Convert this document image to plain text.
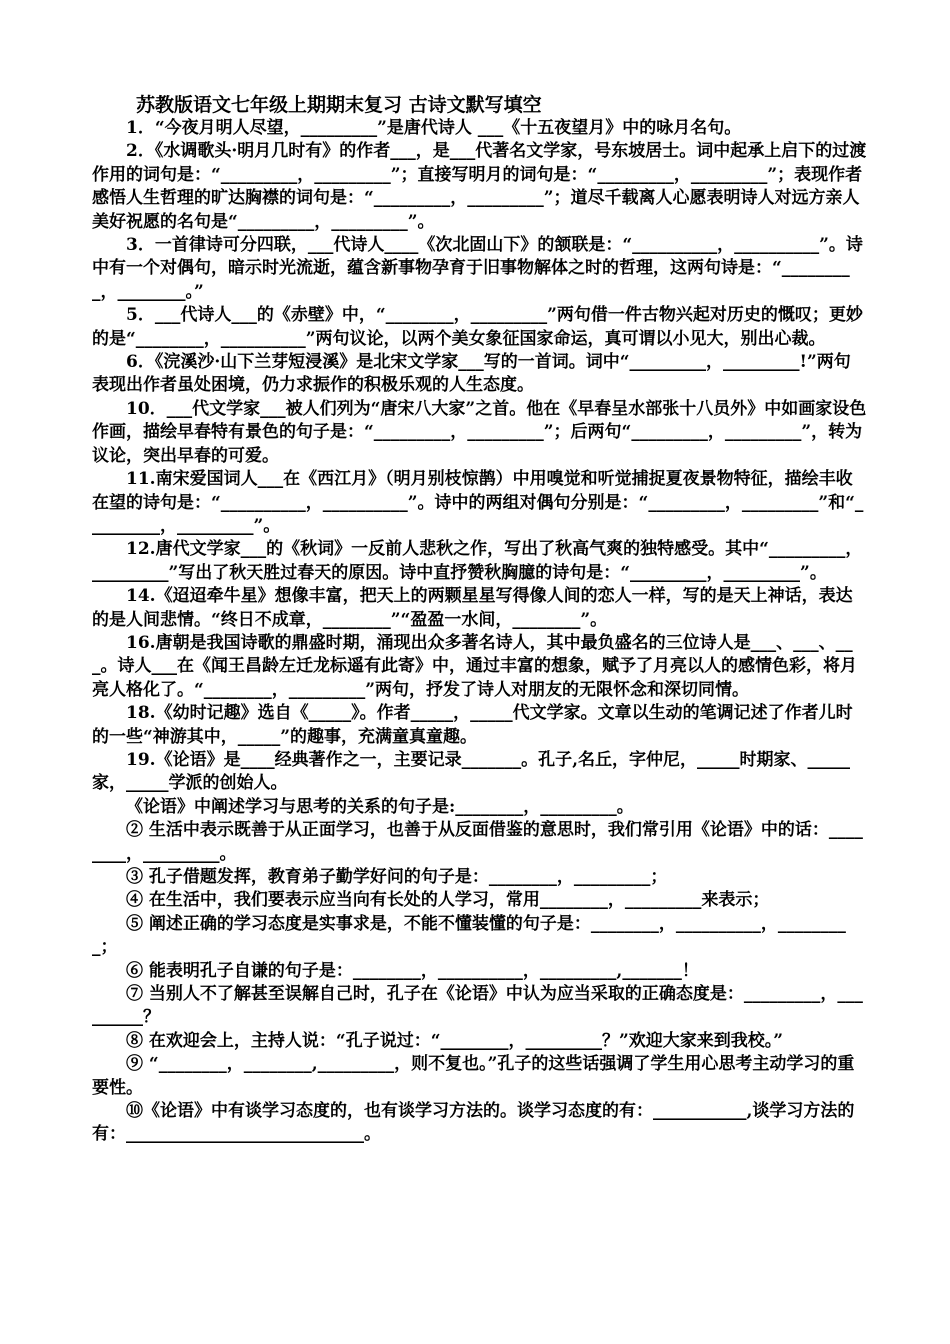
苏教版语文七年级上期期末复习 古诗文默写填空

1．“今夜月明人尽望，_________”是唐代诗人 ___《十五夜望月》中的咏月名句。

2．《水调歌头·明月几时有》的作者___，是___代著名文学家，号东坡居士。词中起承上启下的过渡作用的词句是：“_________，_________”；直接写明月的词句是：“_________，_________”；表现作者感悟人生哲理的旷达胸襟的词句是：“_________，_________”；道尽千载离人心愿表明诗人对远方亲人美好祝愿的名句是“_________，_________”。

3．一首律诗可分四联，___代诗人____《次北固山下》的颔联是：“__________，__________”。诗中有一个对偶句，暗示时光流逝，蕴含新事物孕育于旧事物解体之时的哲理，这两句诗是：“_________，________。”

5．___代诗人___的《赤壁》中，“________，_________”两句借一件古物兴起对历史的慨叹；更妙的是“________，__________”两句议论，以两个美女象征国家命运，真可谓以小见大，别出心裁。

6．《浣溪沙·山下兰芽短浸溪》是北宋文学家___写的一首词。词中“_________，_________!”两句表现出作者虽处困境，仍力求振作的积极乐观的人生态度。

10．___代文学家___被人们列为“唐宋八大家”之首。他在《早春呈水部张十八员外》中如画家设色作画，描绘早春特有景色的句子是：“_________，_________”；后两句“_________，_________”，转为议论，突出早春的可爱。

11.南宋爱国词人___在《西江月》（明月别枝惊鹊）中用嗅觉和听觉捕捉夏夜景物特征，描绘丰收在望的诗句是：“__________，__________”。诗中的两组对偶句分别是：“_________，_________”和“_________，_________”。

12.唐代文学家___的《秋词》一反前人悲秋之作，写出了秋高气爽的独特感受。其中“_________，_________”写出了秋天胜过春天的原因。诗中直抒赞秋胸臆的诗句是：“_________，_________”。

14.《迢迢牵牛星》想像丰富，把天上的两颗星星写得像人间的恋人一样，写的是天上神话，表达的是人间悲情。“终日不成章，________”“盈盈一水间，________”。

16.唐朝是我国诗歌的鼎盛时期，涌现出众多著名诗人，其中最负盛名的三位诗人是___、___、___。诗人___在《闻王昌龄左迁龙标遥有此寄》中，通过丰富的想象，赋予了月亮以人的感情色彩，将月亮人格化了。“________，_________”两句，抒发了诗人对朋友的无限怀念和深切同情。

18.《幼时记趣》选自《_____》。作者_____，_____代文学家。文章以生动的笔调记述了作者儿时的一些“神游其中，_____”的趣事，充满童真童趣。

19.《论语》是____经典著作之一，主要记录_______。孔子,名丘，字仲尼，_____时期家、_____家，_____学派的创始人。

《论语》中阐述学习与思考的关系的句子是:________，_________。

② 生活中表示既善于从正面学习，也善于从反面借鉴的意思时，我们常引用《论语》中的话：________，_________。

③ 孔子借题发挥，教育弟子勤学好问的句子是：________，_________；

④ 在生活中，我们要表示应当向有长处的人学习，常用________，_________来表示；

⑤ 阐述正确的学习态度是实事求是，不能不懂装懂的句子是：________，__________，_________；

⑥ 能表明孔子自谦的句子是：________，__________，_________,_______！

⑦ 当别人不了解甚至误解自己时，孔子在《论语》中认为应当采取的正确态度是：_________，_________？

⑧ 在欢迎会上，主持人说：“孔子说过：“________，_________？”欢迎大家来到我校。”

⑨ “________，________,_________，则不复也。”孔子的这些话强调了学生用心思考主动学习的重要性。

⑩《论语》中有谈学习态度的，也有谈学习方法的。谈学习态度的有：___________,谈学习方法的有：____________________________。
